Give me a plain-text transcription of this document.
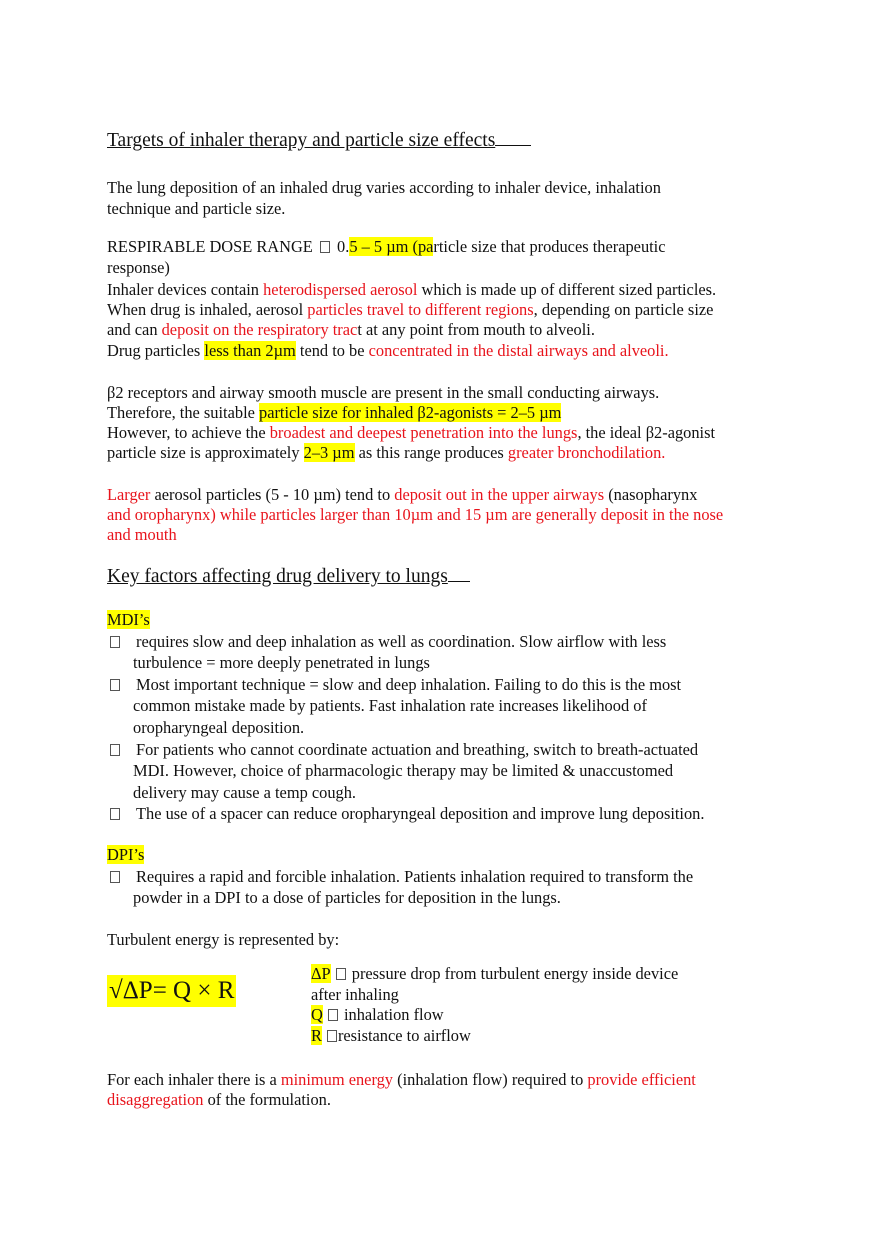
Targets of inhaler therapy and particle size effects
The lung deposition of an inhaled drug varies according to inhaler device, inhalation
technique and particle size.
RESPIRABLE DOSE RANGE  0.5 – 5 µm (particle size that produces therapeutic
response)
Inhaler devices contain heterodispersed aerosol which is made up of different sized particles.
When drug is inhaled, aerosol particles travel to different regions, depending on particle size
and can deposit on the respiratory tract at any point from mouth to alveoli.
Drug particles less than 2µm tend to be concentrated in the distal airways and alveoli.
β2 receptors and airway smooth muscle are present in the small conducting airways.
Therefore, the suitable particle size for inhaled β2-agonists = 2–5 µm
However, to achieve the broadest and deepest penetration into the lungs, the ideal β2-agonist
particle size is approximately 2–3 µm as this range produces greater bronchodilation.
Larger aerosol particles (5 - 10 µm) tend to deposit out in the upper airways (nasopharynx
and oropharynx) while particles larger than 10µm and 15 µm are generally deposit in the nose
and mouth
Key factors affecting drug delivery to lungs
MDI’s
requires slow and deep inhalation as well as coordination. Slow airflow with less
turbulence = more deeply penetrated in lungs
Most important technique = slow and deep inhalation. Failing to do this is the most
common mistake made by patients. Fast inhalation rate increases likelihood of
oropharyngeal deposition.
For patients who cannot coordinate actuation and breathing, switch to breath-actuated
MDI. However, choice of pharmacologic therapy may be limited & unaccustomed
delivery may cause a temp cough.
The use of a spacer can reduce oropharyngeal deposition and improve lung deposition.
DPI’s
Requires a rapid and forcible inhalation. Patients inhalation required to transform the
powder in a DPI to a dose of particles for deposition in the lungs.
Turbulent energy is represented by:
√ΔP= Q × R
ΔP pressure drop from turbulent energy inside device
after inhaling
Q inhalation flow
R resistance to airflow
For each inhaler there is a minimum energy (inhalation flow) required to provide efficient
disaggregation of the formulation.
